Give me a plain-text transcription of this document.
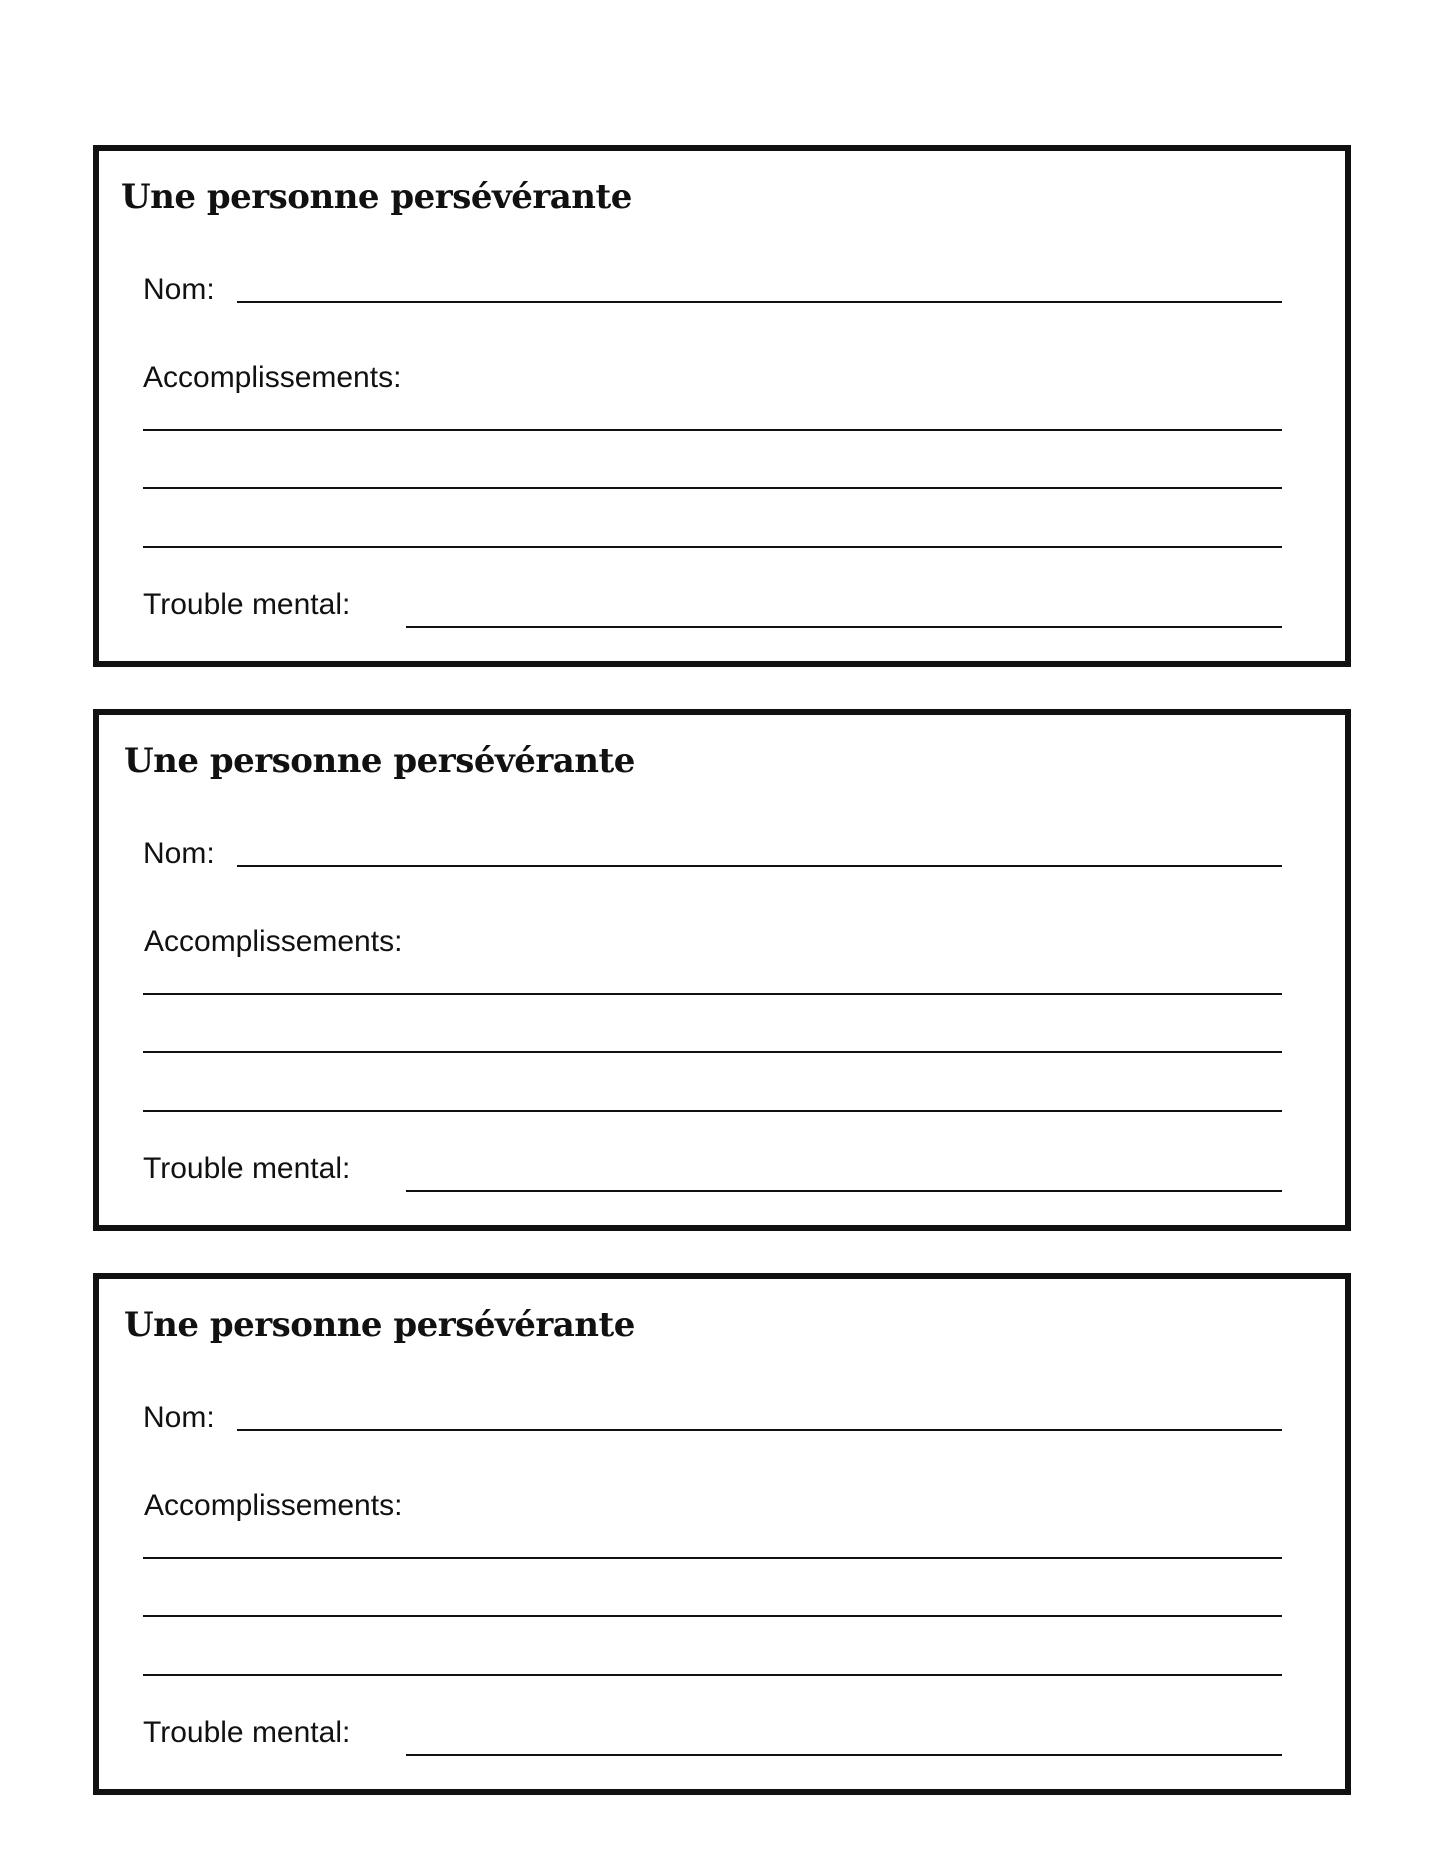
Une personne persévérante
Nom:
Accomplissements:
Trouble mental:
Une personne persévérante
Nom:
Accomplissements:
Trouble mental:
Une personne persévérante
Nom:
Accomplissements:
Trouble mental:
